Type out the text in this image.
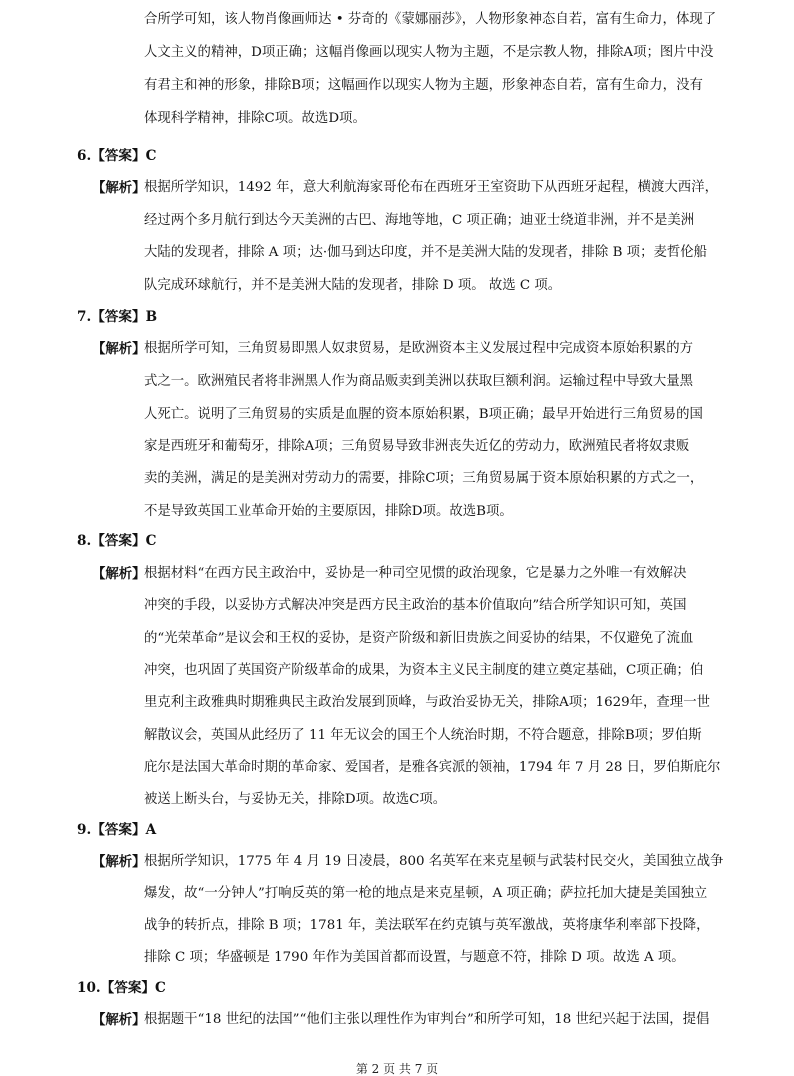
合所学可知，该人物肖像画师达 • 芬奇的《蒙娜丽莎》，人物形象神态自若，富有生命力，体现了
人文主义的精神，D项正确；这幅肖像画以现实人物为主题，不是宗教人物，排除A项；图片中没
有君主和神的形象，排除B项；这幅画作以现实人物为主题，形象神态自若，富有生命力，没有
体现科学精神，排除C项。故选D项。
6.【答案】C
【解析】
根据所学知识，1492 年，意大利航海家哥伦布在西班牙王室资助下从西班牙起程，横渡大西洋，
经过两个多月航行到达今天美洲的古巴、海地等地，C 项正确；迪亚士绕道非洲，并不是美洲
大陆的发现者，排除 A 项；达·伽马到达印度，并不是美洲大陆的发现者，排除 B 项；麦哲伦船
队完成环球航行，并不是美洲大陆的发现者，排除 D 项。 故选 C 项。
7.【答案】B
【解析】
根据所学可知，三角贸易即黑人奴隶贸易，是欧洲资本主义发展过程中完成资本原始积累的方
式之一。欧洲殖民者将非洲黑人作为商品贩卖到美洲以获取巨额利润。运输过程中导致大量黑
人死亡。说明了三角贸易的实质是血腥的资本原始积累，B项正确；最早开始进行三角贸易的国
家是西班牙和葡萄牙，排除A项；三角贸易导致非洲丧失近亿的劳动力，欧洲殖民者将奴隶贩
卖的美洲，满足的是美洲对劳动力的需要，排除C项；三角贸易属于资本原始积累的方式之一，
不是导致英国工业革命开始的主要原因，排除D项。故选B项。
8.【答案】C
【解析】
根据材料“在西方民主政治中，妥协是一种司空见惯的政治现象，它是暴力之外唯一有效解决
冲突的手段，以妥协方式解决冲突是西方民主政治的基本价值取向”结合所学知识可知，英国
的“光荣革命”是议会和王权的妥协，是资产阶级和新旧贵族之间妥协的结果，不仅避免了流血
冲突，也巩固了英国资产阶级革命的成果，为资本主义民主制度的建立奠定基础，C项正确；伯
里克利主政雅典时期雅典民主政治发展到顶峰，与政治妥协无关，排除A项；1629年，查理一世
解散议会，英国从此经历了 11 年无议会的国王个人统治时期，不符合题意，排除B项；罗伯斯
庇尔是法国大革命时期的革命家、爱国者，是雅各宾派的领袖，1794 年 7 月 28 日，罗伯斯庇尔
被送上断头台，与妥协无关，排除D项。故选C项。
9.【答案】A
【解析】
根据所学知识，1775 年 4 月 19 日凌晨，800 名英军在来克星顿与武装村民交火，美国独立战争
爆发，故“一分钟人”打响反英的第一枪的地点是来克星顿，A 项正确；萨拉托加大捷是美国独立
战争的转折点，排除 B 项；1781 年，美法联军在约克镇与英军激战，英将康华利率部下投降，
排除 C 项；华盛顿是 1790 年作为美国首都而设置，与题意不符，排除 D 项。故选 A 项。
10.【答案】C
【解析】
根据题干“18 世纪的法国”“他们主张以理性作为审判台”和所学可知，18 世纪兴起于法国，提倡
第 2 页 共 7 页
